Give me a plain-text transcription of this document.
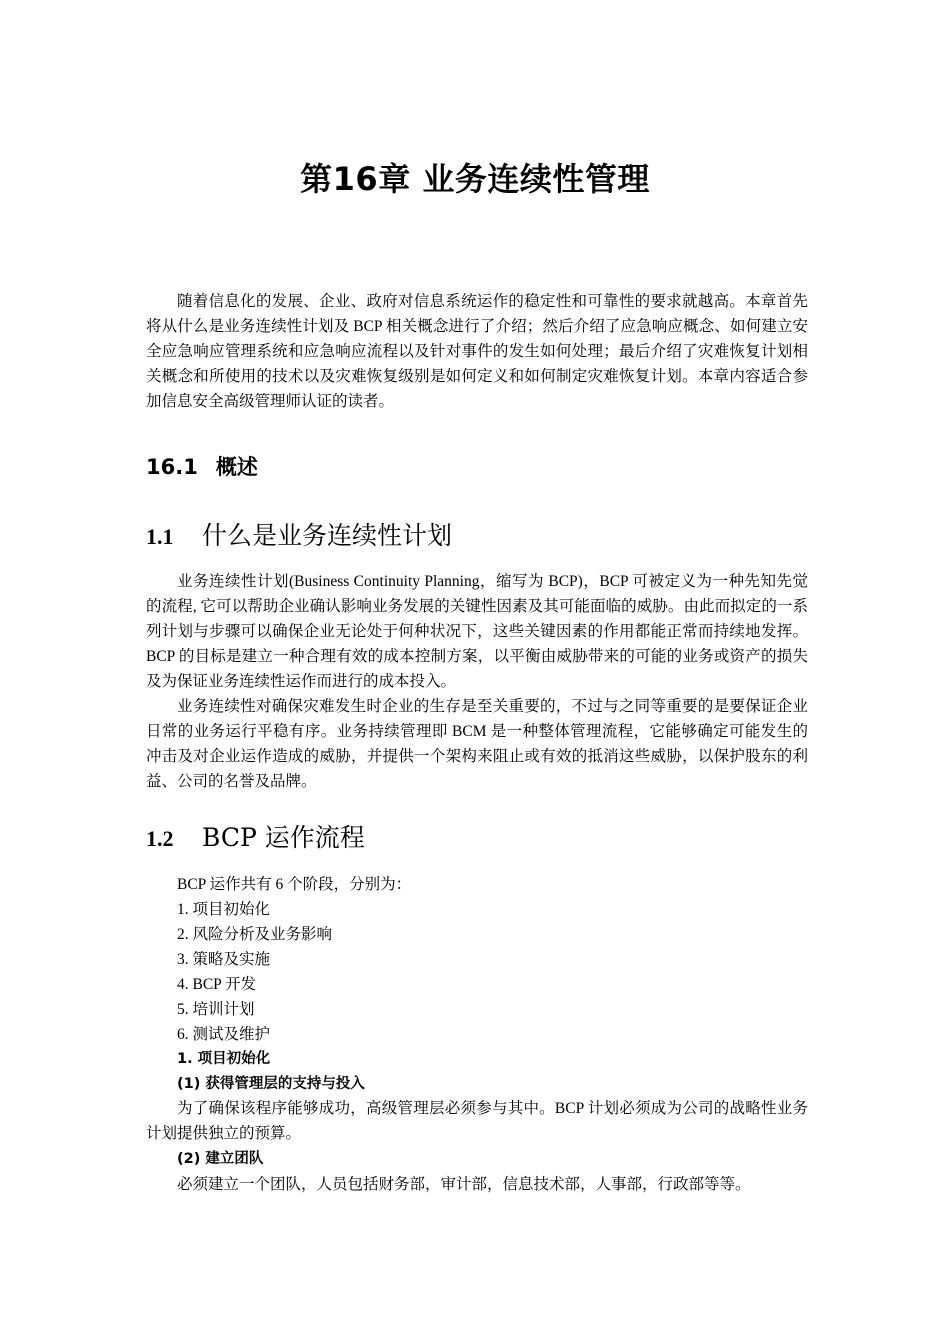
第16章 业务连续性管理

随着信息化的发展、企业、政府对信息系统运作的稳定性和可靠性的要求就越高。本章首先将从什么是业务连续性计划及 BCP 相关概念进行了介绍；然后介绍了应急响应概念、如何建立安全应急响应管理系统和应急响应流程以及针对事件的发生如何处理；最后介绍了灾难恢复计划相关概念和所使用的技术以及灾难恢复级别是如何定义和如何制定灾难恢复计划。本章内容适合参加信息安全高级管理师认证的读者。

16.1 概述
1.1 什么是业务连续性计划

业务连续性计划(Business Continuity Planning，缩写为 BCP)，BCP 可被定义为一种先知先觉的流程, 它可以帮助企业确认影响业务发展的关键性因素及其可能面临的威胁。由此而拟定的一系列计划与步骤可以确保企业无论处于何种状况下，这些关键因素的作用都能正常而持续地发挥。BCP 的目标是建立一种合理有效的成本控制方案，以平衡由威胁带来的可能的业务或资产的损失及为保证业务连续性运作而进行的成本投入。

业务连续性对确保灾难发生时企业的生存是至关重要的，不过与之同等重要的是要保证企业日常的业务运行平稳有序。业务持续管理即 BCM 是一种整体管理流程，它能够确定可能发生的冲击及对企业运作造成的威胁，并提供一个架构来阻止或有效的抵消这些威胁，以保护股东的利益、公司的名誉及品牌。

1.2 BCP 运作流程
BCP 运作共有 6 个阶段，分别为：
1. 项目初始化
2. 风险分析及业务影响
3. 策略及实施
4. BCP 开发
5. 培训计划
6. 测试及维护
1. 项目初始化
(1) 获得管理层的支持与投入

为了确保该程序能够成功，高级管理层必须参与其中。BCP 计划必须成为公司的战略性业务计划提供独立的预算。

(2) 建立团队

必须建立一个团队，人员包括财务部，审计部，信息技术部，人事部，行政部等等。
